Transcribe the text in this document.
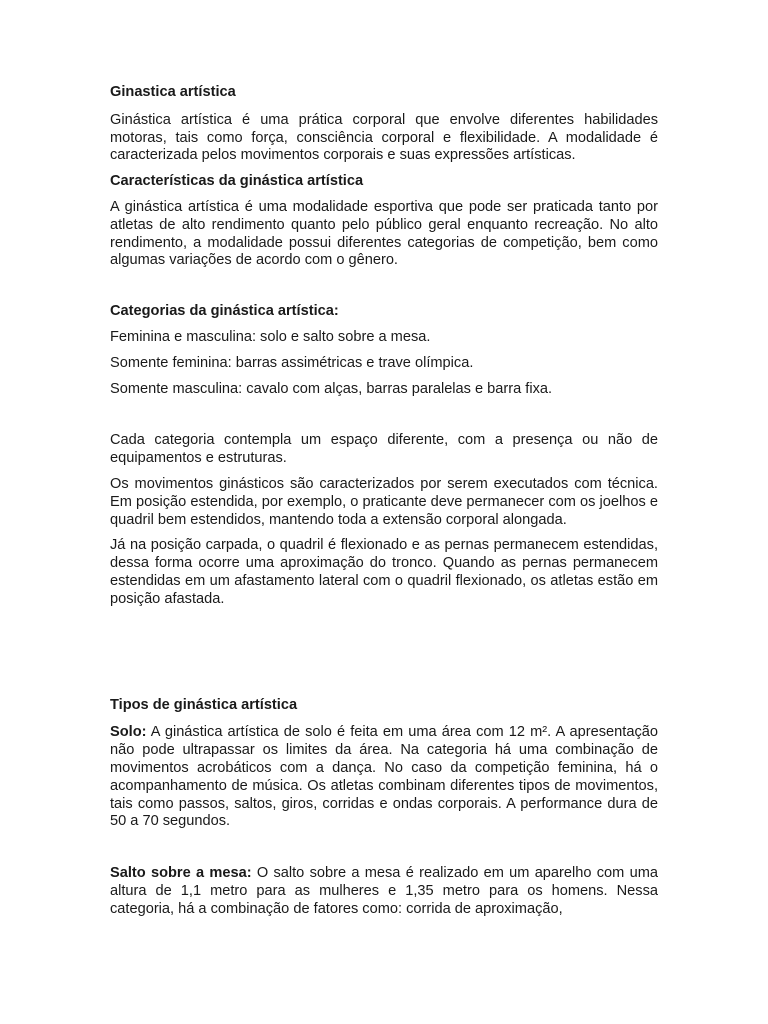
Ginastica artística

Ginástica artística é uma prática corporal que envolve diferentes habilidades motoras, tais como força, consciência corporal e flexibilidade. A modalidade é caracterizada pelos movimentos corporais e suas expressões artísticas.

Características da ginástica artística

A ginástica artística é uma modalidade esportiva que pode ser praticada tanto por atletas de alto rendimento quanto pelo público geral enquanto recreação. No alto rendimento, a modalidade possui diferentes categorias de competição, bem como algumas variações de acordo com o gênero.

Categorias da ginástica artística:

Feminina e masculina: solo e salto sobre a mesa.

Somente feminina: barras assimétricas e trave olímpica.

Somente masculina: cavalo com alças, barras paralelas e barra fixa.

Cada categoria contempla um espaço diferente, com a presença ou não de equipamentos e estruturas.

Os movimentos ginásticos são caracterizados por serem executados com técnica. Em posição estendida, por exemplo, o praticante deve permanecer com os joelhos e quadril bem estendidos, mantendo toda a extensão corporal alongada.

Já na posição carpada, o quadril é flexionado e as pernas permanecem estendidas, dessa forma ocorre uma aproximação do tronco. Quando as pernas permanecem estendidas em um afastamento lateral com o quadril flexionado, os atletas estão em posição afastada.

Tipos de ginástica artística

Solo: A ginástica artística de solo é feita em uma área com 12 m². A apresentação não pode ultrapassar os limites da área. Na categoria há uma combinação de movimentos acrobáticos com a dança. No caso da competição feminina, há o acompanhamento de música. Os atletas combinam diferentes tipos de movimentos, tais como passos, saltos, giros, corridas e ondas corporais. A performance dura de 50 a 70 segundos.

Salto sobre a mesa: O salto sobre a mesa é realizado em um aparelho com uma altura de 1,1 metro para as mulheres e 1,35 metro para os homens. Nessa categoria, há a combinação de fatores como: corrida de aproximação,
